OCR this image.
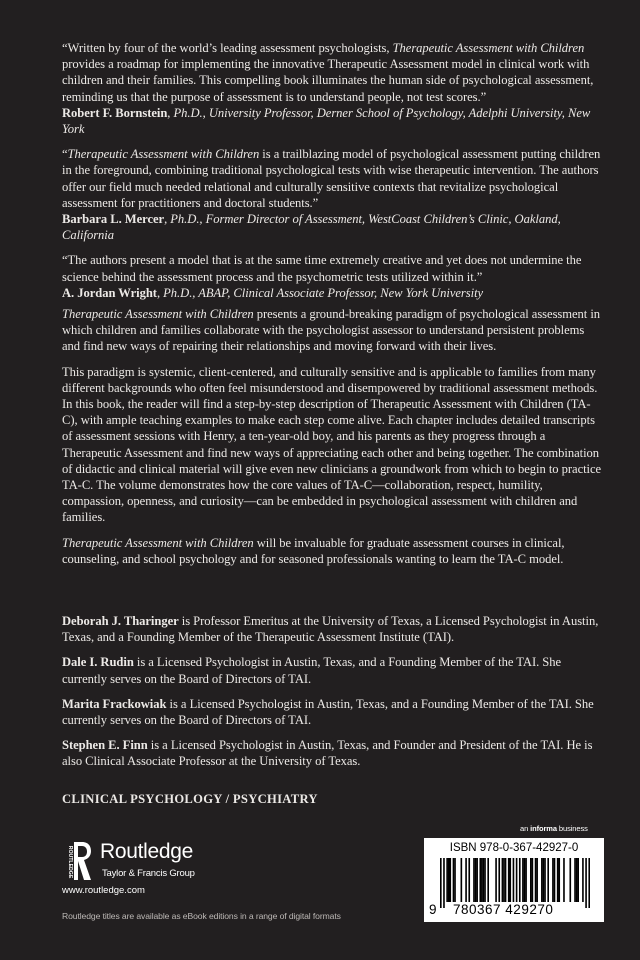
“Written by four of the world’s leading assessment psychologists, Therapeutic Assessment with Children provides a roadmap for implementing the innovative Therapeutic Assessment model in clinical work with children and their families. This compelling book illuminates the human side of psychological assessment, reminding us that the purpose of assessment is to understand people, not test scores.”
Robert F. Bornstein, Ph.D., University Professor, Derner School of Psychology, Adelphi University, New York

“Therapeutic Assessment with Children is a trailblazing model of psychological assessment putting children in the foreground, combining traditional psychological tests with wise therapeutic intervention. The authors offer our field much needed relational and culturally sensitive contexts that revitalize psychological assessment for practitioners and doctoral students.”
Barbara L. Mercer, Ph.D., Former Director of Assessment, WestCoast Children’s Clinic, Oakland, California

“The authors present a model that is at the same time extremely creative and yet does not undermine the science behind the assessment process and the psychometric tests utilized within it.”
A. Jordan Wright, Ph.D., ABAP, Clinical Associate Professor, New York University

Therapeutic Assessment with Children presents a ground-breaking paradigm of psychological assessment in which children and families collaborate with the psychologist assessor to understand persistent problems and find new ways of repairing their relationships and moving forward with their lives.

This paradigm is systemic, client-centered, and culturally sensitive and is applicable to families from many different backgrounds who often feel misunderstood and disempowered by traditional assessment methods. In this book, the reader will find a step-by-step description of Therapeutic Assessment with Children (TA-C), with ample teaching examples to make each step come alive. Each chapter includes detailed transcripts of assessment sessions with Henry, a ten-year-old boy, and his parents as they progress through a Therapeutic Assessment and find new ways of appreciating each other and being together. The combination of didactic and clinical material will give even new clinicians a groundwork from which to begin to practice TA-C. The volume demonstrates how the core values of TA-C—collaboration, respect, humility, compassion, openness, and curiosity—can be embedded in psychological assessment with children and families.

Therapeutic Assessment with Children will be invaluable for graduate assessment courses in clinical, counseling, and school psychology and for seasoned professionals wanting to learn the TA-C model.

Deborah J. Tharinger is Professor Emeritus at the University of Texas, a Licensed Psychologist in Austin, Texas, and a Founding Member of the Therapeutic Assessment Institute (TAI).

Dale I. Rudin is a Licensed Psychologist in Austin, Texas, and a Founding Member of the TAI. She currently serves on the Board of Directors of TAI.

Marita Frackowiak is a Licensed Psychologist in Austin, Texas, and a Founding Member of the TAI. She currently serves on the Board of Directors of TAI.

Stephen E. Finn is a Licensed Psychologist in Austin, Texas, and Founder and President of the TAI. He is also Clinical Associate Professor at the University of Texas.

CLINICAL PSYCHOLOGY / PSYCHIATRY
ROUTLEDGE Routledge
Taylor & Francis Group
www.routledge.com
Routledge titles are available as eBook editions in a range of digital formats
an informa business
ISBN 978-0-367-42927-0
9 780367 429270
